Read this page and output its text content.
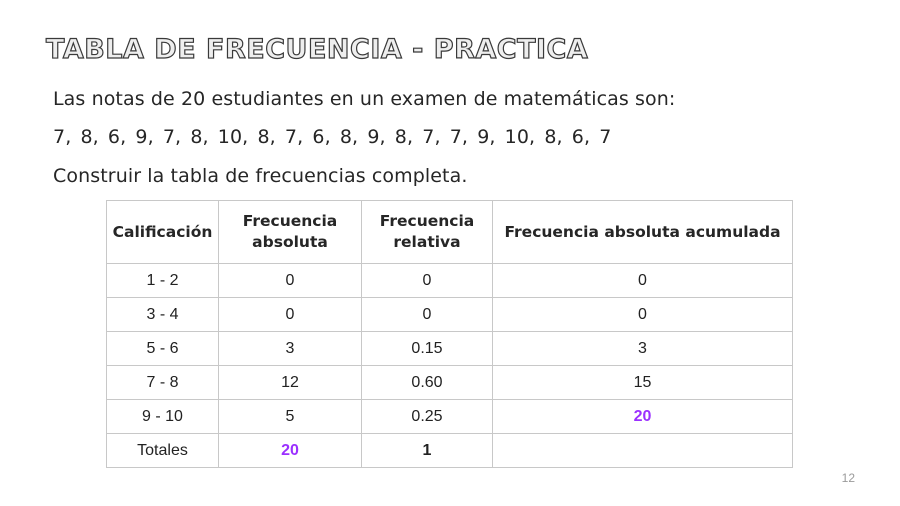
TABLA DE FRECUENCIA - PRACTICA
Las notas de 20 estudiantes en un examen de matemáticas son:
7, 8, 6, 9, 7, 8, 10, 8, 7, 6, 8, 9, 8, 7, 7, 9, 10, 8, 6, 7
Construir la tabla de frecuencias completa.
Calificación	Frecuencia absoluta	Frecuencia relativa	Frecuencia absoluta acumulada
1 - 2	0	0	0
3 - 4	0	0	0
5 - 6	3	0.15	3
7 - 8	12	0.60	15
9 - 10	5	0.25	20
Totales	20	1	
12
